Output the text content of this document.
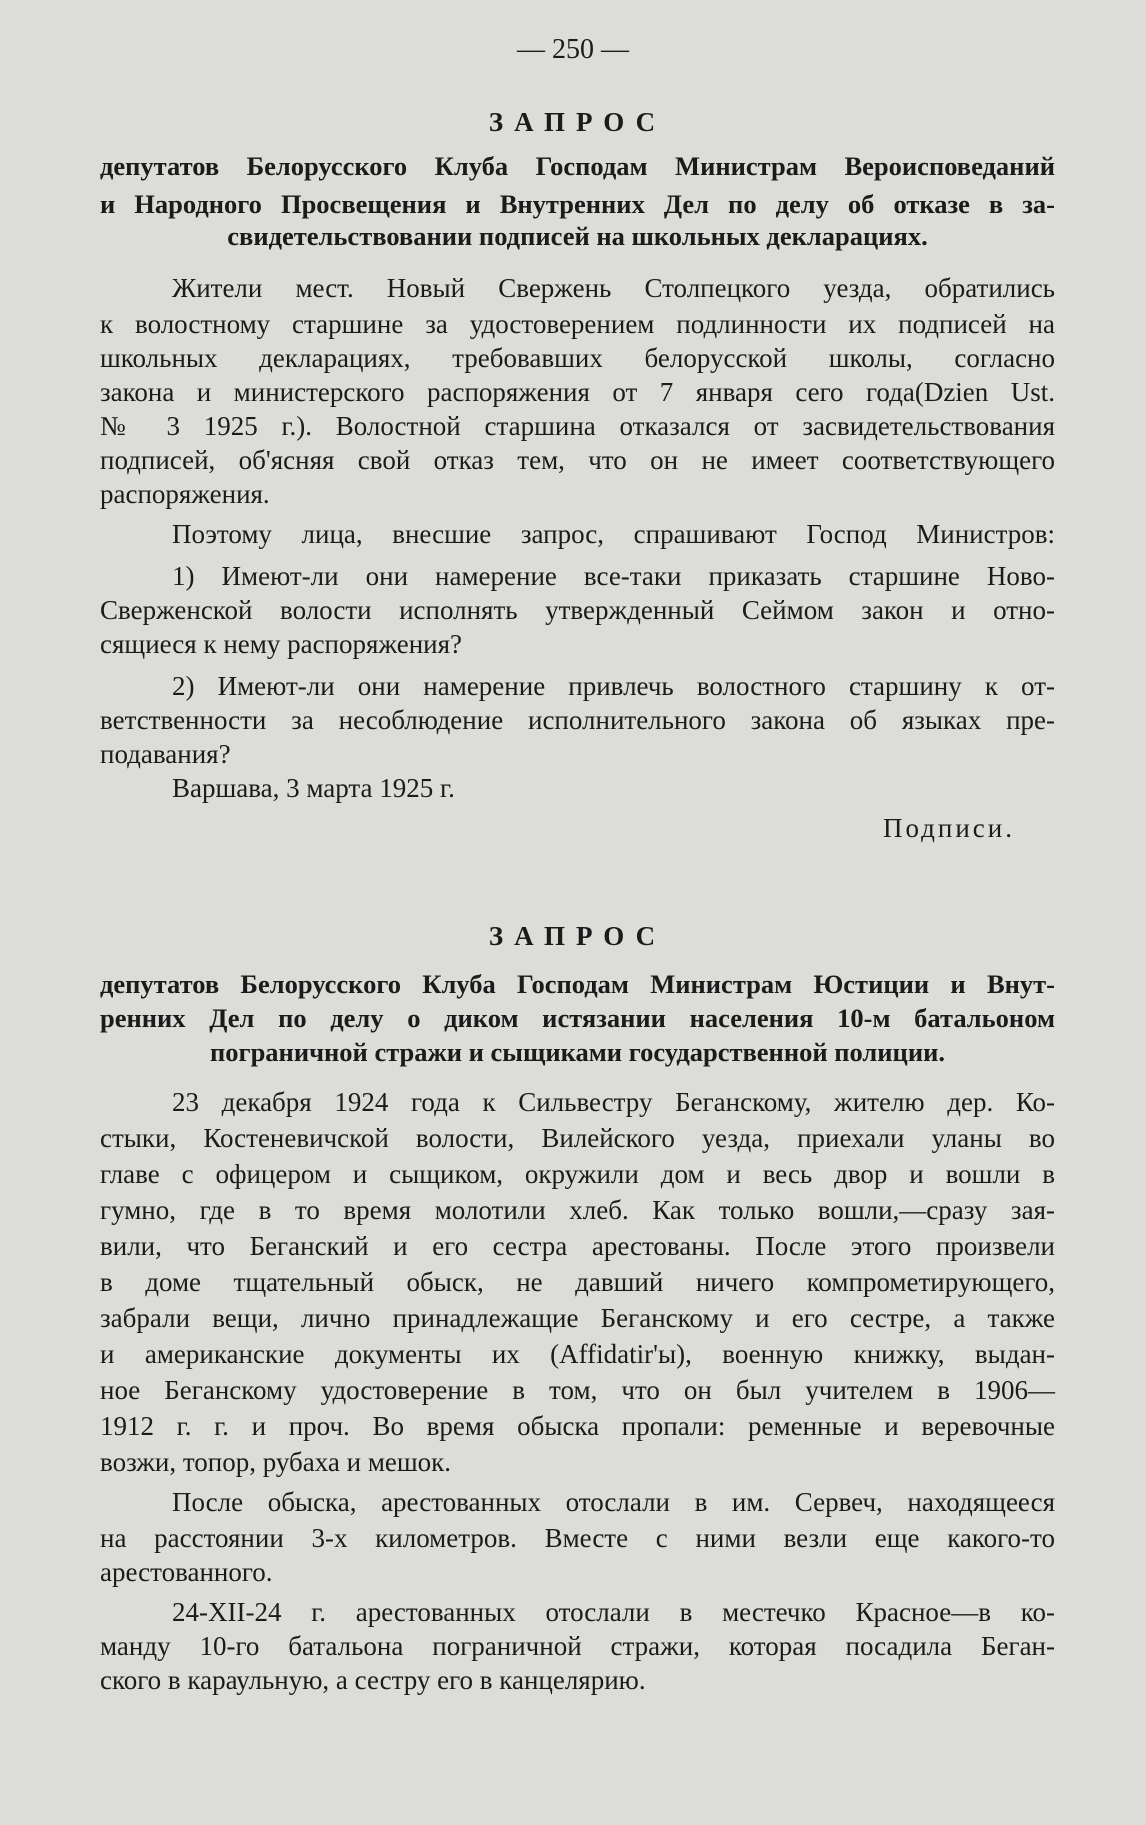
— 250 —
ЗАПРОС
депутатов Белорусского Клуба Господам Министрам Вероисповеданий
и Народного Просвещения и Внутренних Дел по делу об отказе в за-
свидетельствовании подписей на школьных декларациях.
Жители мест. Новый Свержень Столпецкого уезда, обратились
к волостному старшине за удостоверением подлинности их подписей на
школьных декларациях, требовавших белорусской школы, согласно
закона и министерского распоряжения от 7 января сего года(Dzien Ust.
№ 3 1925 г.). Волостной старшина отказался от засвидетельствования
подписей, об'ясняя свой отказ тем, что он не имеет соответствующего
распоряжения.
Поэтому лица, внесшие запрос, спрашивают Господ Министров:
1) Имеют-ли они намерение все-таки приказать старшине Ново-
Сверженской волости исполнять утвержденный Сеймом закон и отно-
сящиеся к нему распоряжения?
2) Имеют-ли они намерение привлечь волостного старшину к от-
ветственности за несоблюдение исполнительного закона об языках пре-
подавания?
Варшава, 3 марта 1925 г.
Подписи.
ЗАПРОС
депутатов Белорусского Клуба Господам Министрам Юстиции и Внут-
ренних Дел по делу о диком истязании населения 10-м батальоном
пограничной стражи и сыщиками государственной полиции.
23 декабря 1924 года к Сильвестру Беганскому, жителю дер. Ко-
стыки, Костеневичской волости, Вилейского уезда, приехали уланы во
главе с офицером и сыщиком, окружили дом и весь двор и вошли в
гумно, где в то время молотили хлеб. Как только вошли,—сразу зая-
вили, что Беганский и его сестра арестованы. После этого произвели
в доме тщательный обыск, не давший ничего компрометирующего,
забрали вещи, лично принадлежащие Беганскому и его сестре, а также
и американские документы их (Affidatir'ы), военную книжку, выдан-
ное Беганскому удостоверение в том, что он был учителем в 1906—
1912 г. г. и проч. Во время обыска пропали: ременные и веревочные
возжи, топор, рубаха и мешок.
После обыска, арестованных отослали в им. Сервеч, находящееся
на расстоянии 3-х километров. Вместе с ними везли еще какого-то
арестованного.
24-XII-24 г. арестованных отослали в местечко Красное—в ко-
манду 10-го батальона пограничной стражи, которая посадила Беган-
ского в караульную, а сестру его в канцелярию.
